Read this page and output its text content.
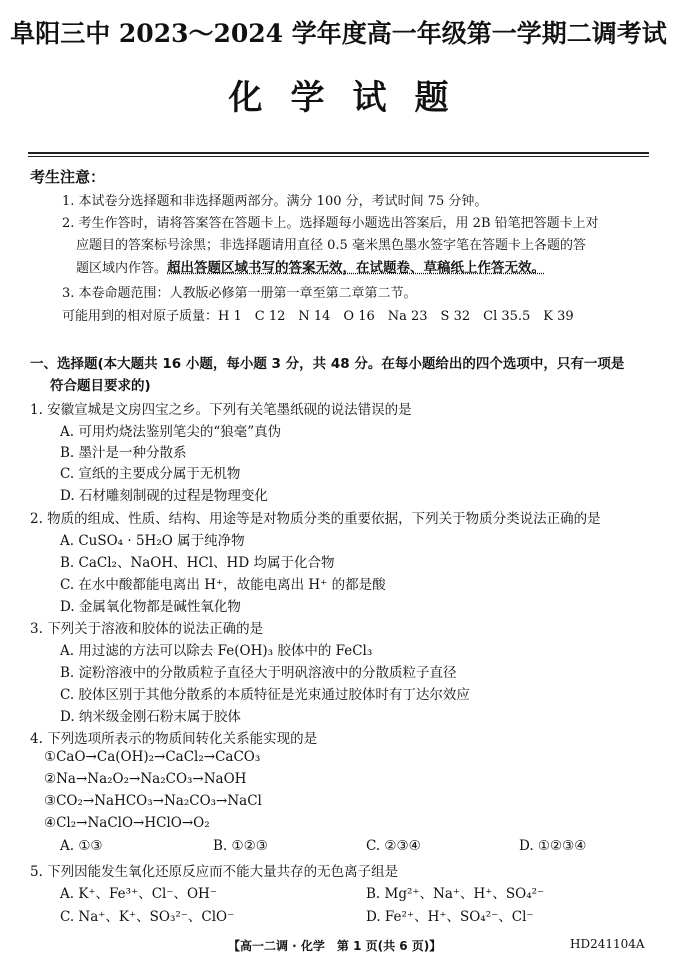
阜阳三中 2023～2024 学年度高一年级第一学期二调考试
化学试题
考生注意：
1. 本试卷分选择题和非选择题两部分。满分 100 分，考试时间 75 分钟。
2. 考生作答时，请将答案答在答题卡上。选择题每小题选出答案后，用 2B 铅笔把答题卡上对
应题目的答案标号涂黑；非选择题请用直径 0.5 毫米黑色墨水签字笔在答题卡上各题的答
题区域内作答。超出答题区域书写的答案无效，在试题卷、草稿纸上作答无效。
3. 本卷命题范围：人教版必修第一册第一章至第二章第二节。
可能用到的相对原子质量：H 1　C 12　N 14　O 16　Na 23　S 32　Cl 35.5　K 39
一、选择题(本大题共 16 小题，每小题 3 分，共 48 分。在每小题给出的四个选项中，只有一项是
符合题目要求的)
1. 安徽宣城是文房四宝之乡。下列有关笔墨纸砚的说法错误的是
A. 可用灼烧法鉴别笔尖的“狼毫”真伪
B. 墨汁是一种分散系
C. 宣纸的主要成分属于无机物
D. 石材雕刻制砚的过程是物理变化
2. 物质的组成、性质、结构、用途等是对物质分类的重要依据，下列关于物质分类说法正确的是
A. CuSO₄ · 5H₂O 属于纯净物
B. CaCl₂、NaOH、HCl、HD 均属于化合物
C. 在水中酸都能电离出 H⁺，故能电离出 H⁺ 的都是酸
D. 金属氧化物都是碱性氧化物
3. 下列关于溶液和胶体的说法正确的是
A. 用过滤的方法可以除去 Fe(OH)₃ 胶体中的 FeCl₃
B. 淀粉溶液中的分散质粒子直径大于明矾溶液中的分散质粒子直径
C. 胶体区别于其他分散系的本质特征是光束通过胶体时有丁达尔效应
D. 纳米级金刚石粉末属于胶体
4. 下列选项所表示的物质间转化关系能实现的是
①CaO→Ca(OH)₂→CaCl₂→CaCO₃
②Na→Na₂O₂→Na₂CO₃→NaOH
③CO₂→NaHCO₃→Na₂CO₃→NaCl
④Cl₂→NaClO→HClO→O₂
A. ①③	B. ①②③	C. ②③④	D. ①②③④
5. 下列因能发生氧化还原反应而不能大量共存的无色离子组是
A. K⁺、Fe³⁺、Cl⁻、OH⁻	B. Mg²⁺、Na⁺、H⁺、SO₄²⁻
C. Na⁺、K⁺、SO₃²⁻、ClO⁻	D. Fe²⁺、H⁺、SO₄²⁻、Cl⁻
【高一二调 · 化学　第 1 页(共 6 页)】	HD241104A
